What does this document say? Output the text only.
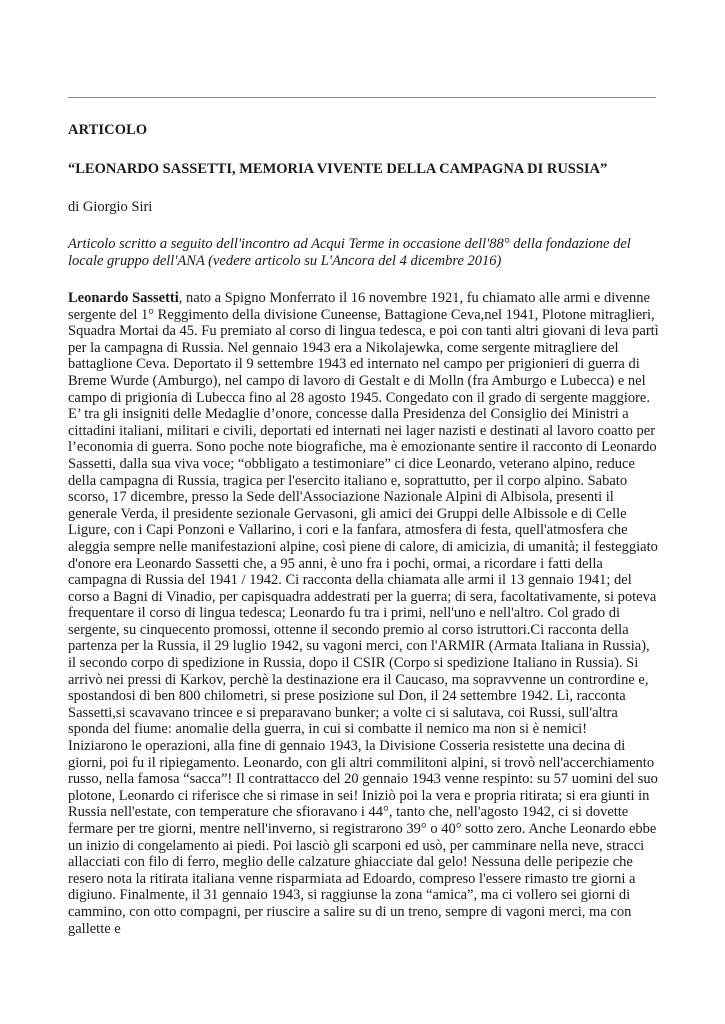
ARTICOLO

“LEONARDO SASSETTI, MEMORIA VIVENTE DELLA CAMPAGNA DI RUSSIA”

di Giorgio Siri

Articolo scritto a seguito dell'incontro ad Acqui Terme in occasione dell'88° della fondazione del locale gruppo dell'ANA (vedere articolo su L'Ancora del 4 dicembre 2016)

Leonardo Sassetti, nato a Spigno Monferrato il 16 novembre 1921, fu chiamato alle armi e divenne sergente del 1° Reggimento della divisione Cuneense, Battagione Ceva,nel 1941, Plotone mitraglieri, Squadra Mortai da 45. Fu premiato al corso di lingua tedesca, e poi con tanti altri giovani di leva partì per la campagna di Russia. Nel gennaio 1943 era a Nikolajewka, come sergente mitragliere del battaglione Ceva. Deportato il 9 settembre 1943 ed internato nel campo per prigionieri di guerra di Breme Wurde (Amburgo), nel campo di lavoro di Gestalt e di Molln (fra Amburgo e Lubecca) e nel campo di prigionia di Lubecca fino al 28 agosto 1945. Congedato con il grado di sergente maggiore. E’ tra gli insigniti delle Medaglie d’onore, concesse dalla Presidenza del Consiglio dei Ministri a cittadini italiani, militari e civili, deportati ed internati nei lager nazisti e destinati al lavoro coatto per l’economia di guerra. Sono poche note biografiche, ma è emozionante sentire il racconto di Leonardo Sassetti, dalla sua viva voce; “obbligato a testimoniare” ci dice Leonardo, veterano alpino, reduce della campagna di Russia, tragica per l'esercito italiano e, soprattutto, per il corpo alpino. Sabato scorso, 17 dicembre, presso la Sede dell'Associazione Nazionale Alpini di Albisola, presenti il generale Verda, il presidente sezionale Gervasoni, gli amici dei Gruppi delle Albissole e di Celle Ligure, con i Capi Ponzoni e Vallarino, i cori e la fanfara, atmosfera di festa, quell'atmosfera che aleggia sempre nelle manifestazioni alpine, così piene di calore, di amicizia, di umanità; il festeggiato d'onore era Leonardo Sassetti che, a 95 anni, è uno fra i pochi, ormai, a ricordare i fatti della campagna di Russia del 1941 / 1942. Ci racconta della chiamata alle armi il 13 gennaio 1941; del corso a Bagni di Vinadio, per capisquadra addestrati per la guerra; di sera, facoltativamente, si poteva frequentare il corso di lingua tedesca; Leonardo fu tra i primi, nell'uno e nell'altro. Col grado di sergente, su cinquecento promossi, ottenne il secondo premio al corso istruttori.Ci racconta della partenza per la Russia, il 29 luglio 1942, su vagoni merci, con l'ARMIR (Armata Italiana in Russia), il secondo corpo di spedizione in Russia, dopo il CSIR (Corpo si spedizione Italiano in Russia). Si arrivò nei pressi di Karkov, perchè la destinazione era il Caucaso, ma sopravvenne un contrordine e, spostandosi di ben 800 chilometri, si prese posizione sul Don, il 24 settembre 1942. Lì, racconta Sassetti,si scavavano trincee e si preparavano bunker; a volte ci si salutava, coi Russi, sull'altra sponda del fiume: anomalie della guerra, in cui si combatte il nemico ma non si è nemici!
Iniziarono le operazioni, alla fine di gennaio 1943, la Divisione Cosseria resistette una decina di giorni, poi fu il ripiegamento. Leonardo, con gli altri commilitoni alpini, si trovò nell'accerchiamento russo, nella famosa “sacca”! Il contrattacco del 20 gennaio 1943 venne respinto: su 57 uomini del suo plotone, Leonardo ci riferisce che si rimase in sei! Iniziò poi la vera e propria ritirata; si era giunti in Russia nell'estate, con temperature che sfioravano i 44°, tanto che, nell'agosto 1942, ci si dovette fermare per tre giorni, mentre nell'inverno, si registrarono 39° o 40° sotto zero. Anche Leonardo ebbe un inizio di congelamento ai piedi. Poi lasciò gli scarponi ed usò, per camminare nella neve, stracci allacciati con filo di ferro, meglio delle calzature ghiacciate dal gelo! Nessuna delle peripezie che resero nota la ritirata italiana venne risparmiata ad Edoardo, compreso l'essere rimasto tre giorni a digiuno. Finalmente, il 31 gennaio 1943, si raggiunse la zona “amica”, ma ci vollero sei giorni di cammino, con otto compagni, per riuscire a salire su di un treno, sempre di vagoni merci, ma con gallette e
